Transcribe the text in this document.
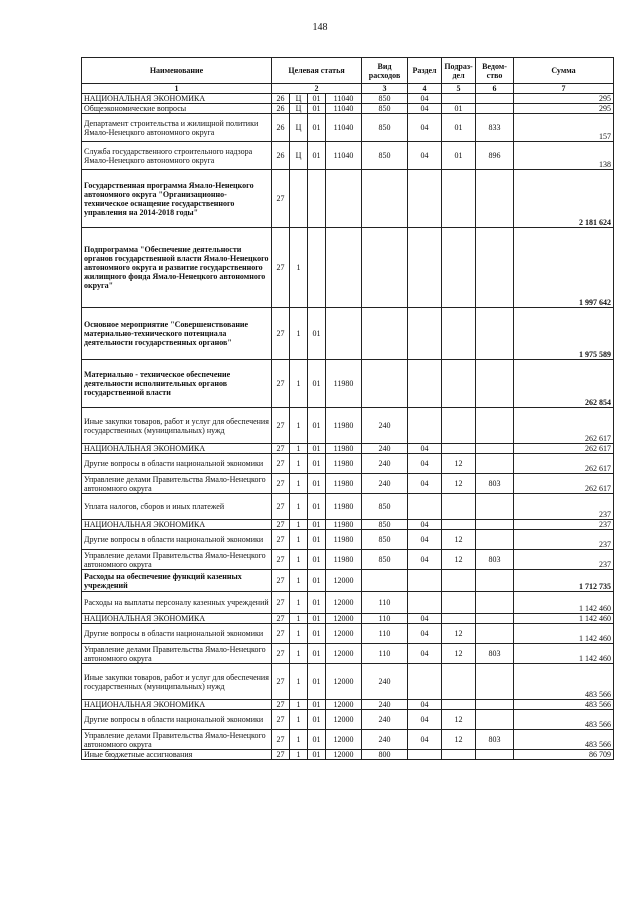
148
Наименование	Целевая статья				Вид расходов	Раздел	Подраз-дел	Ведом-ство	Сумма
1	2				3	4	5	6	7
НАЦИОНАЛЬНАЯ ЭКОНОМИКА	26	Ц	01	11040	850	04			295
Общеэкономические вопросы	26	Ц	01	11040	850	04	01		295
Департамент строительства и жилищной политики Ямало-Ненецкого автономного округа	26	Ц	01	11040	850	04	01	833	157
Служба государственного строительного надзора Ямало-Ненецкого автономного округа	26	Ц	01	11040	850	04	01	896	138
Государственная программа Ямало-Ненецкого автономного округа "Организационно-техническое оснащение государственного управления на 2014-2018 годы"	27								2 181 624
Подпрограмма "Обеспечение деятельности органов государственной власти Ямало-Ненецкого автономного округа и развитие государственного жилищного фонда Ямало-Ненецкого автономного округа"	27	1							1 997 642
Основное мероприятие "Совершенствование материально-технического потенциала деятельности государственных органов"	27	1	01						1 975 589
Материально - техническое обеспечение деятельности исполнительных органов государственной власти	27	1	01	11980					262 854
Иные закупки товаров, работ и услуг для обеспечения государственных (муниципальных) нужд	27	1	01	11980	240				262 617
НАЦИОНАЛЬНАЯ ЭКОНОМИКА	27	1	01	11980	240	04			262 617
Другие вопросы в области национальной экономики	27	1	01	11980	240	04	12		262 617
Управление делами Правительства Ямало-Ненецкого автономного округа	27	1	01	11980	240	04	12	803	262 617
Уплата налогов, сборов и иных платежей	27	1	01	11980	850				237
НАЦИОНАЛЬНАЯ ЭКОНОМИКА	27	1	01	11980	850	04			237
Другие вопросы в области национальной экономики	27	1	01	11980	850	04	12		237
Управление делами Правительства Ямало-Ненецкого автономного округа	27	1	01	11980	850	04	12	803	237
Расходы на обеспечение функций казенных учреждений	27	1	01	12000					1 712 735
Расходы на выплаты персоналу казенных учреждений	27	1	01	12000	110				1 142 460
НАЦИОНАЛЬНАЯ ЭКОНОМИКА	27	1	01	12000	110	04			1 142 460
Другие вопросы в области национальной экономики	27	1	01	12000	110	04	12		1 142 460
Управление делами Правительства Ямало-Ненецкого автономного округа	27	1	01	12000	110	04	12	803	1 142 460
Иные закупки товаров, работ и услуг для обеспечения государственных (муниципальных) нужд	27	1	01	12000	240				483 566
НАЦИОНАЛЬНАЯ ЭКОНОМИКА	27	1	01	12000	240	04			483 566
Другие вопросы в области национальной экономики	27	1	01	12000	240	04	12		483 566
Управление делами Правительства Ямало-Ненецкого автономного округа	27	1	01	12000	240	04	12	803	483 566
Иные бюджетные ассигнования	27	1	01	12000	800				86 709
